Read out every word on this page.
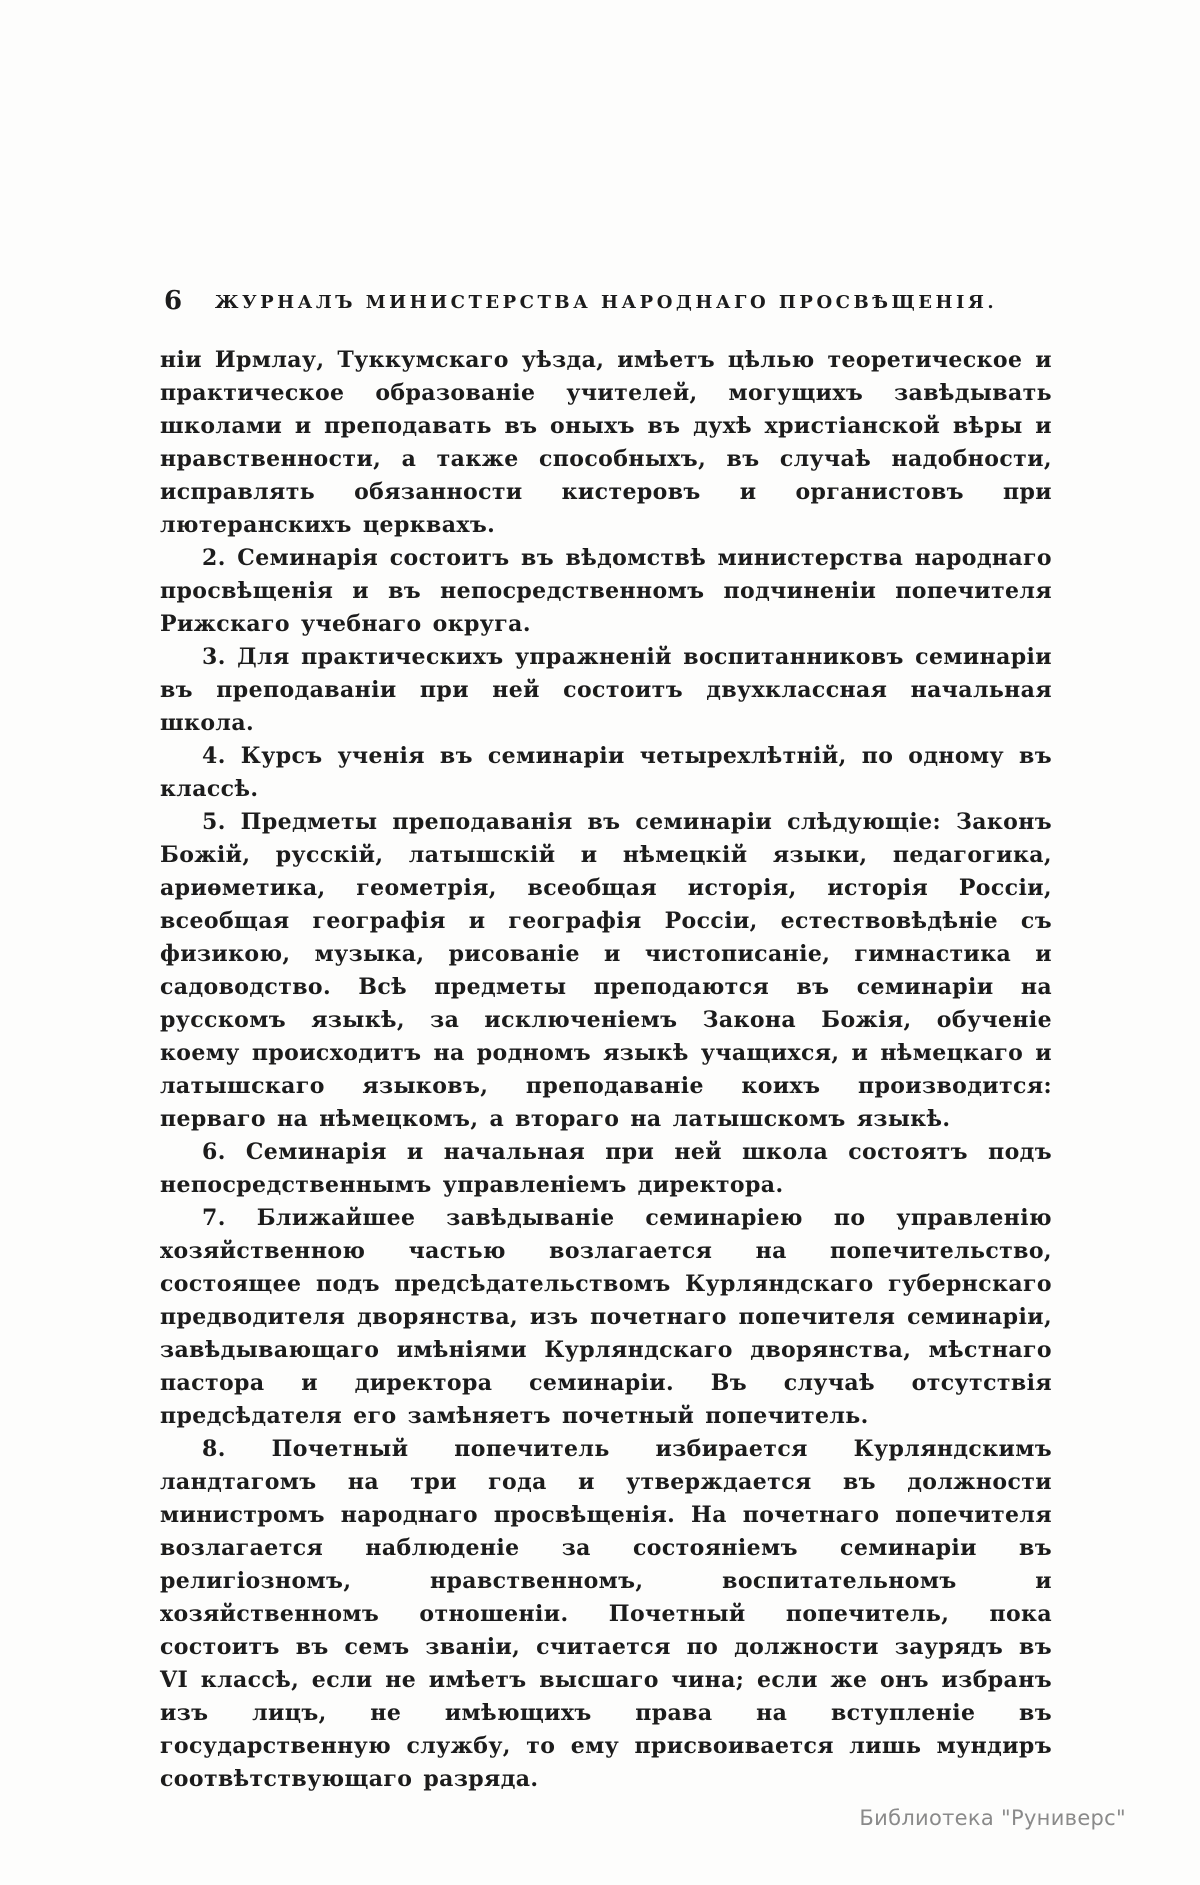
6	ЖУРНАЛЪ МИНИСТЕРСТВА НАРОДНАГО ПРОСВѢЩЕНІЯ.

ніи Ирмлау, Туккумскаго уѣзда, имѣетъ цѣлью теоретическое и практическое образованіе учителей, могущихъ завѣдывать школами и преподавать въ оныхъ въ духѣ христіанской вѣры и нравственности, а также способныхъ, въ случаѣ надобности, исправлять обязанности кистеровъ и органистовъ при лютеранскихъ церквахъ.

2. Семинарія состоитъ въ вѣдомствѣ министерства народнаго просвѣщенія и въ непосредственномъ подчиненіи попечителя Рижскаго учебнаго округа.

3. Для практическихъ упражненій воспитанниковъ семинаріи въ преподаваніи при ней состоитъ двухклассная начальная школа.

4. Курсъ ученія въ семинаріи четырехлѣтній, по одному въ классѣ.

5. Предметы преподаванія въ семинаріи слѣдующіе: Законъ Божій, русскій, латышскій и нѣмецкій языки, педагогика, ариѳметика, геометрія, всеобщая исторія, исторія Россіи, всеобщая географія и географія Россіи, естествовѣдѣніе съ физикою, музыка, рисованіе и чистописаніе, гимнастика и садоводство. Всѣ предметы преподаются въ семинаріи на русскомъ языкѣ, за исключеніемъ Закона Божія, обученіе коему происходитъ на родномъ языкѣ учащихся, и нѣмецкаго и латышскаго языковъ, преподаваніе коихъ производится: перваго на нѣмецкомъ, а втораго на латышскомъ языкѣ.

6. Семинарія и начальная при ней школа состоятъ подъ непосредственнымъ управленіемъ директора.

7. Ближайшее завѣдываніе семинаріею по управленію хозяйственною частью возлагается на попечительство, состоящее подъ предсѣдательствомъ Курляндскаго губернскаго предводителя дворянства, изъ почетнаго попечителя семинаріи, завѣдывающаго имѣніями Курляндскаго дворянства, мѣстнаго пастора и директора семинаріи. Въ случаѣ отсутствія предсѣдателя его замѣняетъ почетный попечитель.

8. Почетный попечитель избирается Курляндскимъ ландтагомъ на три года и утверждается въ должности министромъ народнаго просвѣщенія. На почетнаго попечителя возлагается наблюденіе за состояніемъ семинаріи въ религіозномъ, нравственномъ, воспитательномъ и хозяйственномъ отношеніи. Почетный попечитель, пока состоитъ въ семъ званіи, считается по должности заурядъ въ VI классѣ, если не имѣетъ высшаго чина; если же онъ избранъ изъ лицъ, не имѣющихъ права на вступленіе въ государственную службу, то ему присвоивается лишь мундиръ соотвѣтствующаго разряда.

Библиотека "Руниверс"
